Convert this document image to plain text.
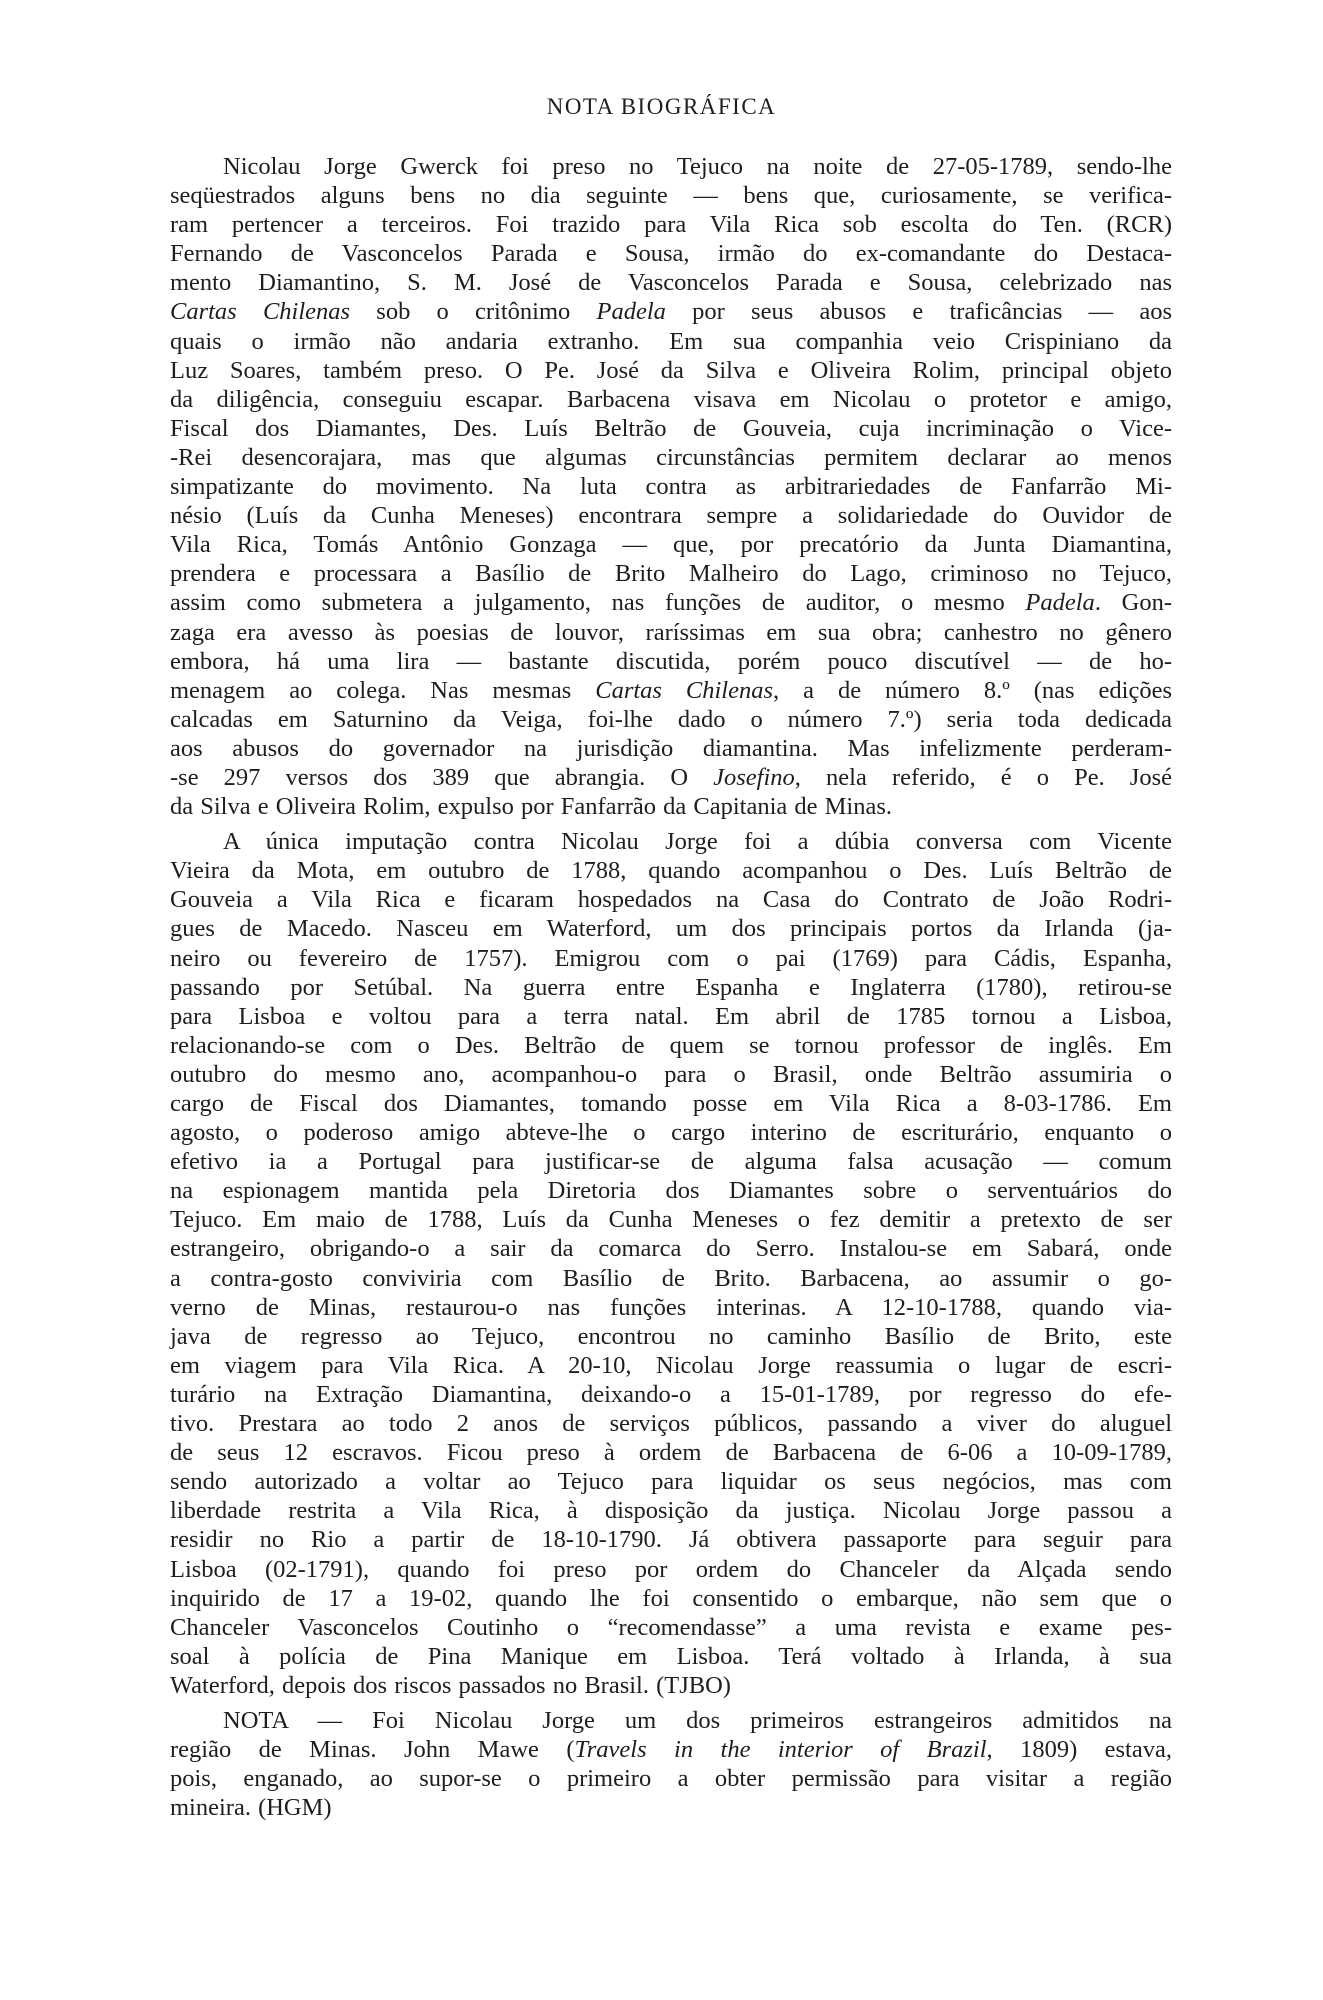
NOTA BIOGRÁFICA
Nicolau Jorge Gwerck foi preso no Tejuco na noite de 27-05-1789, sendo-lhe
seqüestrados alguns bens no dia seguinte — bens que, curiosamente, se verifica-
ram pertencer a terceiros. Foi trazido para Vila Rica sob escolta do Ten. (RCR)
Fernando de Vasconcelos Parada e Sousa, irmão do ex-comandante do Destaca-
mento Diamantino, S. M. José de Vasconcelos Parada e Sousa, celebrizado nas
Cartas Chilenas sob o critônimo Padela por seus abusos e traficâncias — aos
quais o irmão não andaria extranho. Em sua companhia veio Crispiniano da
Luz Soares, também preso. O Pe. José da Silva e Oliveira Rolim, principal objeto
da diligência, conseguiu escapar. Barbacena visava em Nicolau o protetor e amigo,
Fiscal dos Diamantes, Des. Luís Beltrão de Gouveia, cuja incriminação o Vice-
-Rei desencorajara, mas que algumas circunstâncias permitem declarar ao menos
simpatizante do movimento. Na luta contra as arbitrariedades de Fanfarrão Mi-
nésio (Luís da Cunha Meneses) encontrara sempre a solidariedade do Ouvidor de
Vila Rica, Tomás Antônio Gonzaga — que, por precatório da Junta Diamantina,
prendera e processara a Basílio de Brito Malheiro do Lago, criminoso no Tejuco,
assim como submetera a julgamento, nas funções de auditor, o mesmo Padela. Gon-
zaga era avesso às poesias de louvor, raríssimas em sua obra; canhestro no gênero
embora, há uma lira — bastante discutida, porém pouco discutível — de ho-
menagem ao colega. Nas mesmas Cartas Chilenas, a de número 8.º (nas edições
calcadas em Saturnino da Veiga, foi-lhe dado o número 7.º) seria toda dedicada
aos abusos do governador na jurisdição diamantina. Mas infelizmente perderam-
-se 297 versos dos 389 que abrangia. O Josefino, nela referido, é o Pe. José
da Silva e Oliveira Rolim, expulso por Fanfarrão da Capitania de Minas.
A única imputação contra Nicolau Jorge foi a dúbia conversa com Vicente
Vieira da Mota, em outubro de 1788, quando acompanhou o Des. Luís Beltrão de
Gouveia a Vila Rica e ficaram hospedados na Casa do Contrato de João Rodri-
gues de Macedo. Nasceu em Waterford, um dos principais portos da Irlanda (ja-
neiro ou fevereiro de 1757). Emigrou com o pai (1769) para Cádis, Espanha,
passando por Setúbal. Na guerra entre Espanha e Inglaterra (1780), retirou-se
para Lisboa e voltou para a terra natal. Em abril de 1785 tornou a Lisboa,
relacionando-se com o Des. Beltrão de quem se tornou professor de inglês. Em
outubro do mesmo ano, acompanhou-o para o Brasil, onde Beltrão assumiria o
cargo de Fiscal dos Diamantes, tomando posse em Vila Rica a 8-03-1786. Em
agosto, o poderoso amigo abteve-lhe o cargo interino de escriturário, enquanto o
efetivo ia a Portugal para justificar-se de alguma falsa acusação — comum
na espionagem mantida pela Diretoria dos Diamantes sobre o serventuários do
Tejuco. Em maio de 1788, Luís da Cunha Meneses o fez demitir a pretexto de ser
estrangeiro, obrigando-o a sair da comarca do Serro. Instalou-se em Sabará, onde
a contra-gosto conviviria com Basílio de Brito. Barbacena, ao assumir o go-
verno de Minas, restaurou-o nas funções interinas. A 12-10-1788, quando via-
java de regresso ao Tejuco, encontrou no caminho Basílio de Brito, este
em viagem para Vila Rica. A 20-10, Nicolau Jorge reassumia o lugar de escri-
turário na Extração Diamantina, deixando-o a 15-01-1789, por regresso do efe-
tivo. Prestara ao todo 2 anos de serviços públicos, passando a viver do aluguel
de seus 12 escravos. Ficou preso à ordem de Barbacena de 6-06 a 10-09-1789,
sendo autorizado a voltar ao Tejuco para liquidar os seus negócios, mas com
liberdade restrita a Vila Rica, à disposição da justiça. Nicolau Jorge passou a
residir no Rio a partir de 18-10-1790. Já obtivera passaporte para seguir para
Lisboa (02-1791), quando foi preso por ordem do Chanceler da Alçada sendo
inquirido de 17 a 19-02, quando lhe foi consentido o embarque, não sem que o
Chanceler Vasconcelos Coutinho o “recomendasse” a uma revista e exame pes-
soal à polícia de Pina Manique em Lisboa. Terá voltado à Irlanda, à sua
Waterford, depois dos riscos passados no Brasil. (TJBO)
NOTA — Foi Nicolau Jorge um dos primeiros estrangeiros admitidos na
região de Minas. John Mawe (Travels in the interior of Brazil, 1809) estava,
pois, enganado, ao supor-se o primeiro a obter permissão para visitar a região
mineira. (HGM)
